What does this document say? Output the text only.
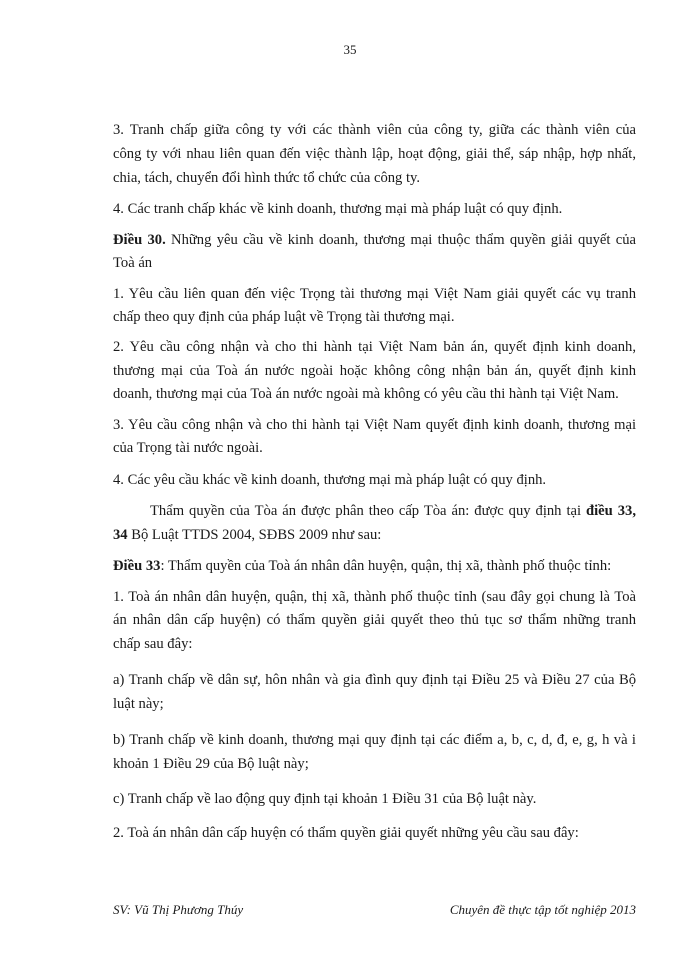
35
3. Tranh chấp giữa công ty với các thành viên của công ty, giữa các thành viên của
công ty với nhau liên quan đến việc thành lập, hoạt động, giải thể, sáp nhập, hợp nhất,
chia, tách, chuyển đổi hình thức tổ chức của công ty.
4. Các tranh chấp khác về kinh doanh, thương mại mà pháp luật có quy định.
Điều 30. Những yêu cầu về kinh doanh, thương mại thuộc thẩm quyền giải quyết của
Toà án
1. Yêu cầu liên quan đến việc Trọng tài thương mại Việt Nam giải quyết các vụ tranh
chấp theo quy định của pháp luật về Trọng tài thương mại.
2. Yêu cầu công nhận và cho thi hành tại Việt Nam bản án, quyết định kinh doanh,
thương mại của Toà án nước ngoài hoặc không công nhận bản án, quyết định kinh
doanh, thương mại của Toà án nước ngoài mà không có yêu cầu thi hành tại Việt Nam.
3. Yêu cầu công nhận và cho thi hành tại Việt Nam quyết định kinh doanh, thương mại
của Trọng tài nước ngoài.
4. Các yêu cầu khác về kinh doanh, thương mại mà pháp luật có quy định.
Thẩm quyền của Tòa án được phân theo cấp Tòa án: được quy định tại điều 33,
34 Bộ Luật TTDS 2004, SĐBS 2009 như sau:
Điều 33: Thẩm quyền của Toà án nhân dân huyện, quận, thị xã, thành phố thuộc tỉnh:
1. Toà án nhân dân huyện, quận, thị xã, thành phố thuộc tỉnh (sau đây gọi chung là Toà
án nhân dân cấp huyện) có thẩm quyền giải quyết theo thủ tục sơ thẩm những tranh
chấp sau đây:
a) Tranh chấp về dân sự, hôn nhân và gia đình quy định tại Điều 25 và Điều 27 của Bộ
luật này;
b) Tranh chấp về kinh doanh, thương mại quy định tại các điểm a, b, c, d, đ, e, g, h và i
khoản 1 Điều 29 của Bộ luật này;
c) Tranh chấp về lao động quy định tại khoản 1 Điều 31 của Bộ luật này.
2. Toà án nhân dân cấp huyện có thẩm quyền giải quyết những yêu cầu sau đây:
SV: Vũ Thị Phương Thúy	Chuyên đề thực tập tốt nghiệp 2013
